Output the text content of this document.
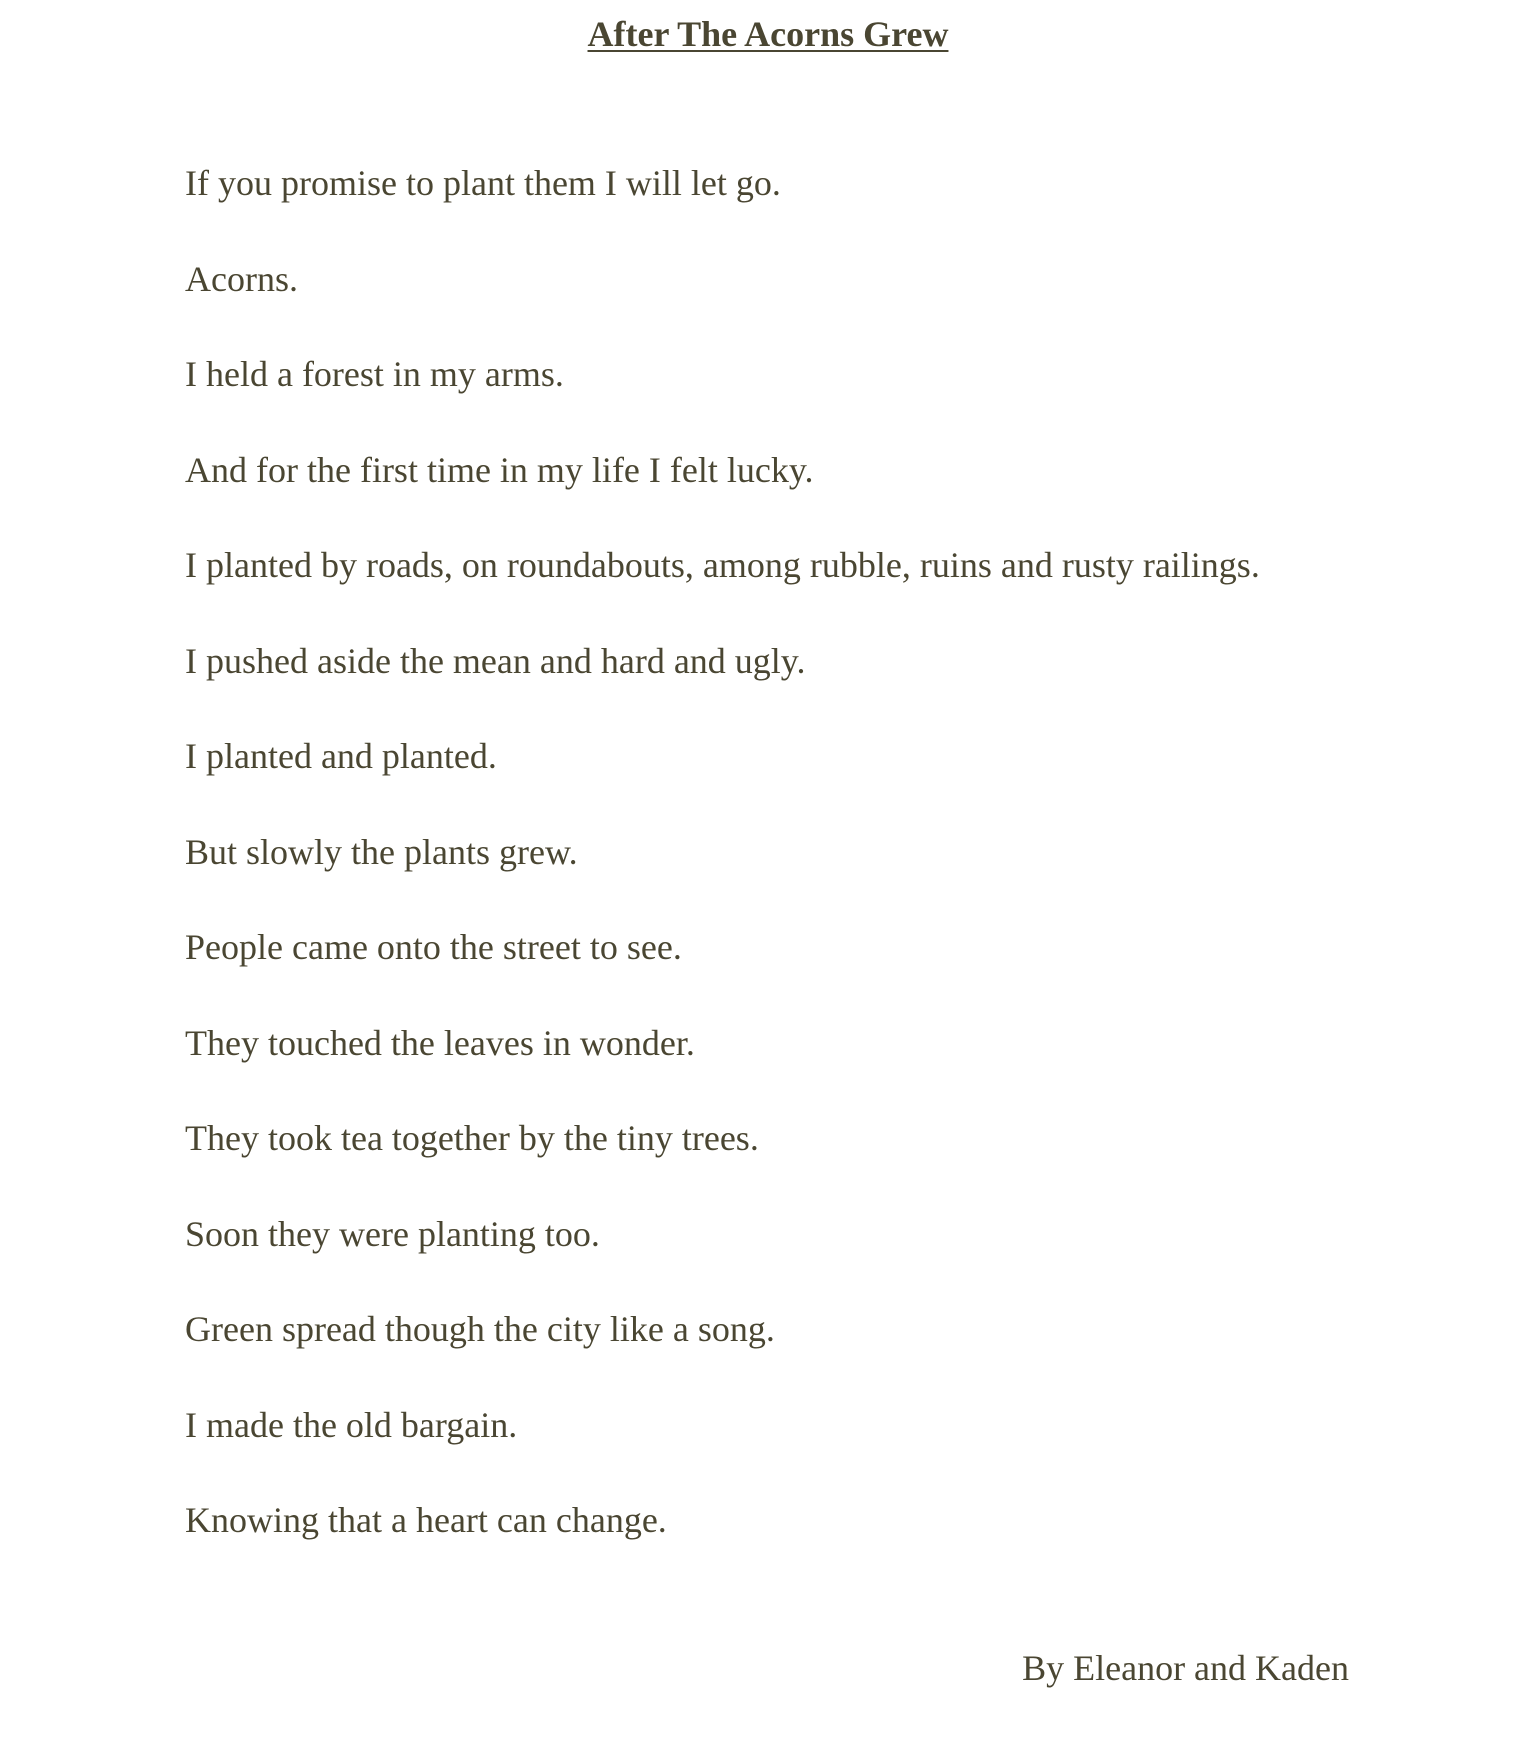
After The Acorns Grew
If you promise to plant them I will let go.
Acorns.
I held a forest in my arms.
And for the first time in my life I felt lucky.
I planted by roads, on roundabouts, among rubble, ruins and rusty railings.
I pushed aside the mean and hard and ugly.
I planted and planted.
But slowly the plants grew.
People came onto the street to see.
They touched the leaves in wonder.
They took tea together by the tiny trees.
Soon they were planting too.
Green spread though the city like a song.
I made the old bargain.
Knowing that a heart can change.
By Eleanor and Kaden
